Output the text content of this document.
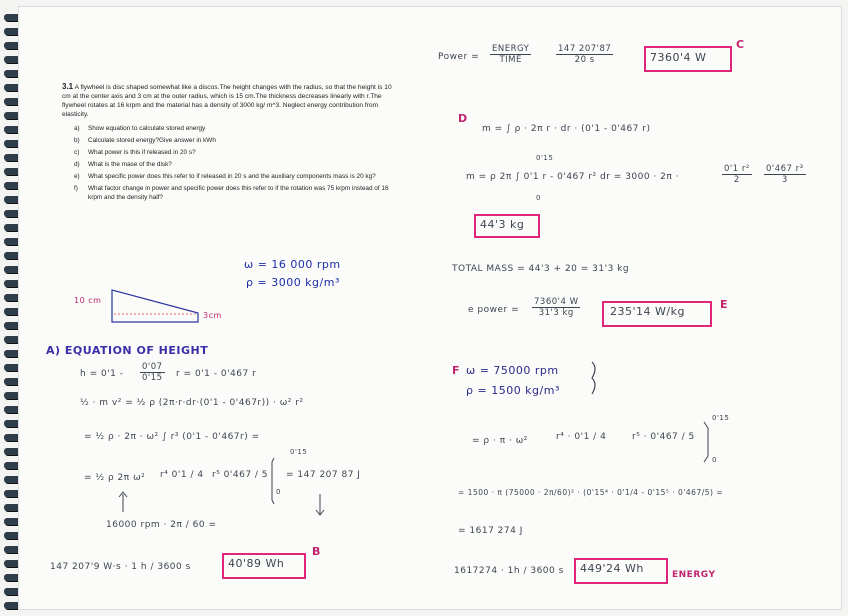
3.1 A flywheel is disc shaped somewhat like a discos.The height changes with the radius, so that the height is 10 cm at the center axis and 3 cm at the outer radius, which is 15 cm.The thickness decreases linearly with r.The flywheel rotates at 16 krpm and the material has a density of 3000 kg/ m^3. Neglect energy contribution from elasticity.
a)	Show equation to calculate stored energy
b)	Calculate stored energy?Give answer in kWh
c)	What power is this if released in 20 s?
d)	What is the mase of the disk?
e)	What specific power does this refer to if released in 20 s and the auxiliary components mass is 20 kg?
f)	What factor change in power and specific power does this refer to if the rotation was 75 krpm instead of 16 krpm and the density half?
ω = 16 000 rpm
ρ = 3000 kg/m³
10 cm
3cm
A) EQUATION OF HEIGHT
$h = 0'1 - \frac{0'07}{0'15}$ r = 0'1 - 0'467 r
½ · m v² = ½ ρ (2π·r·dr·(0'1 - 0'467r)) · ω² r²
= ½ ρ · 2π · ω² ∫ r³ (0'1 - 0'467r) =
0'15
= ½ ρ 2π ω² r⁴ 0'1 / 4 r⁵ 0'467 / 5
0
= 147 207 87 J
16000 rpm · 2π / 60 =
147 207'9 W·s · 1 h / 3600 s	40'89 Wh
B
Power =
ENERGY
TIME	$\frac{147 207'87}{20 s}$	7360'4 W
C
D
m = ∫ ρ · 2π r · dr · (0'1 - 0'467 r)
0'15
m = ρ 2π ∫ 0'1 r - 0'467 r² dr = 3000 · 2π ·	$\frac{\text{0'1 r²}}{2} \frac{\text{0'467 r³}}{3}$
0
44'3 kg
TOTAL MASS = 44'3 + 20 = 31'3 kg
e power = $\frac{7360'4 W}{31'3 kg}$	235'14 W/kg
E
F ω = 75000 rpm
ρ = 1500 kg/m³
= ρ · π · ω²	r⁴ · 0'1 / 4	r⁵ · 0'467 / 5
0'15
0
= 1500 · π (75000 · 2π/60)² · (0'15⁴ · 0'1/4 - 0'15⁵ · 0'467/5) =
= 1617 274 J
1617274 · 1h / 3600 s 449'24 Wh	ENERGY
